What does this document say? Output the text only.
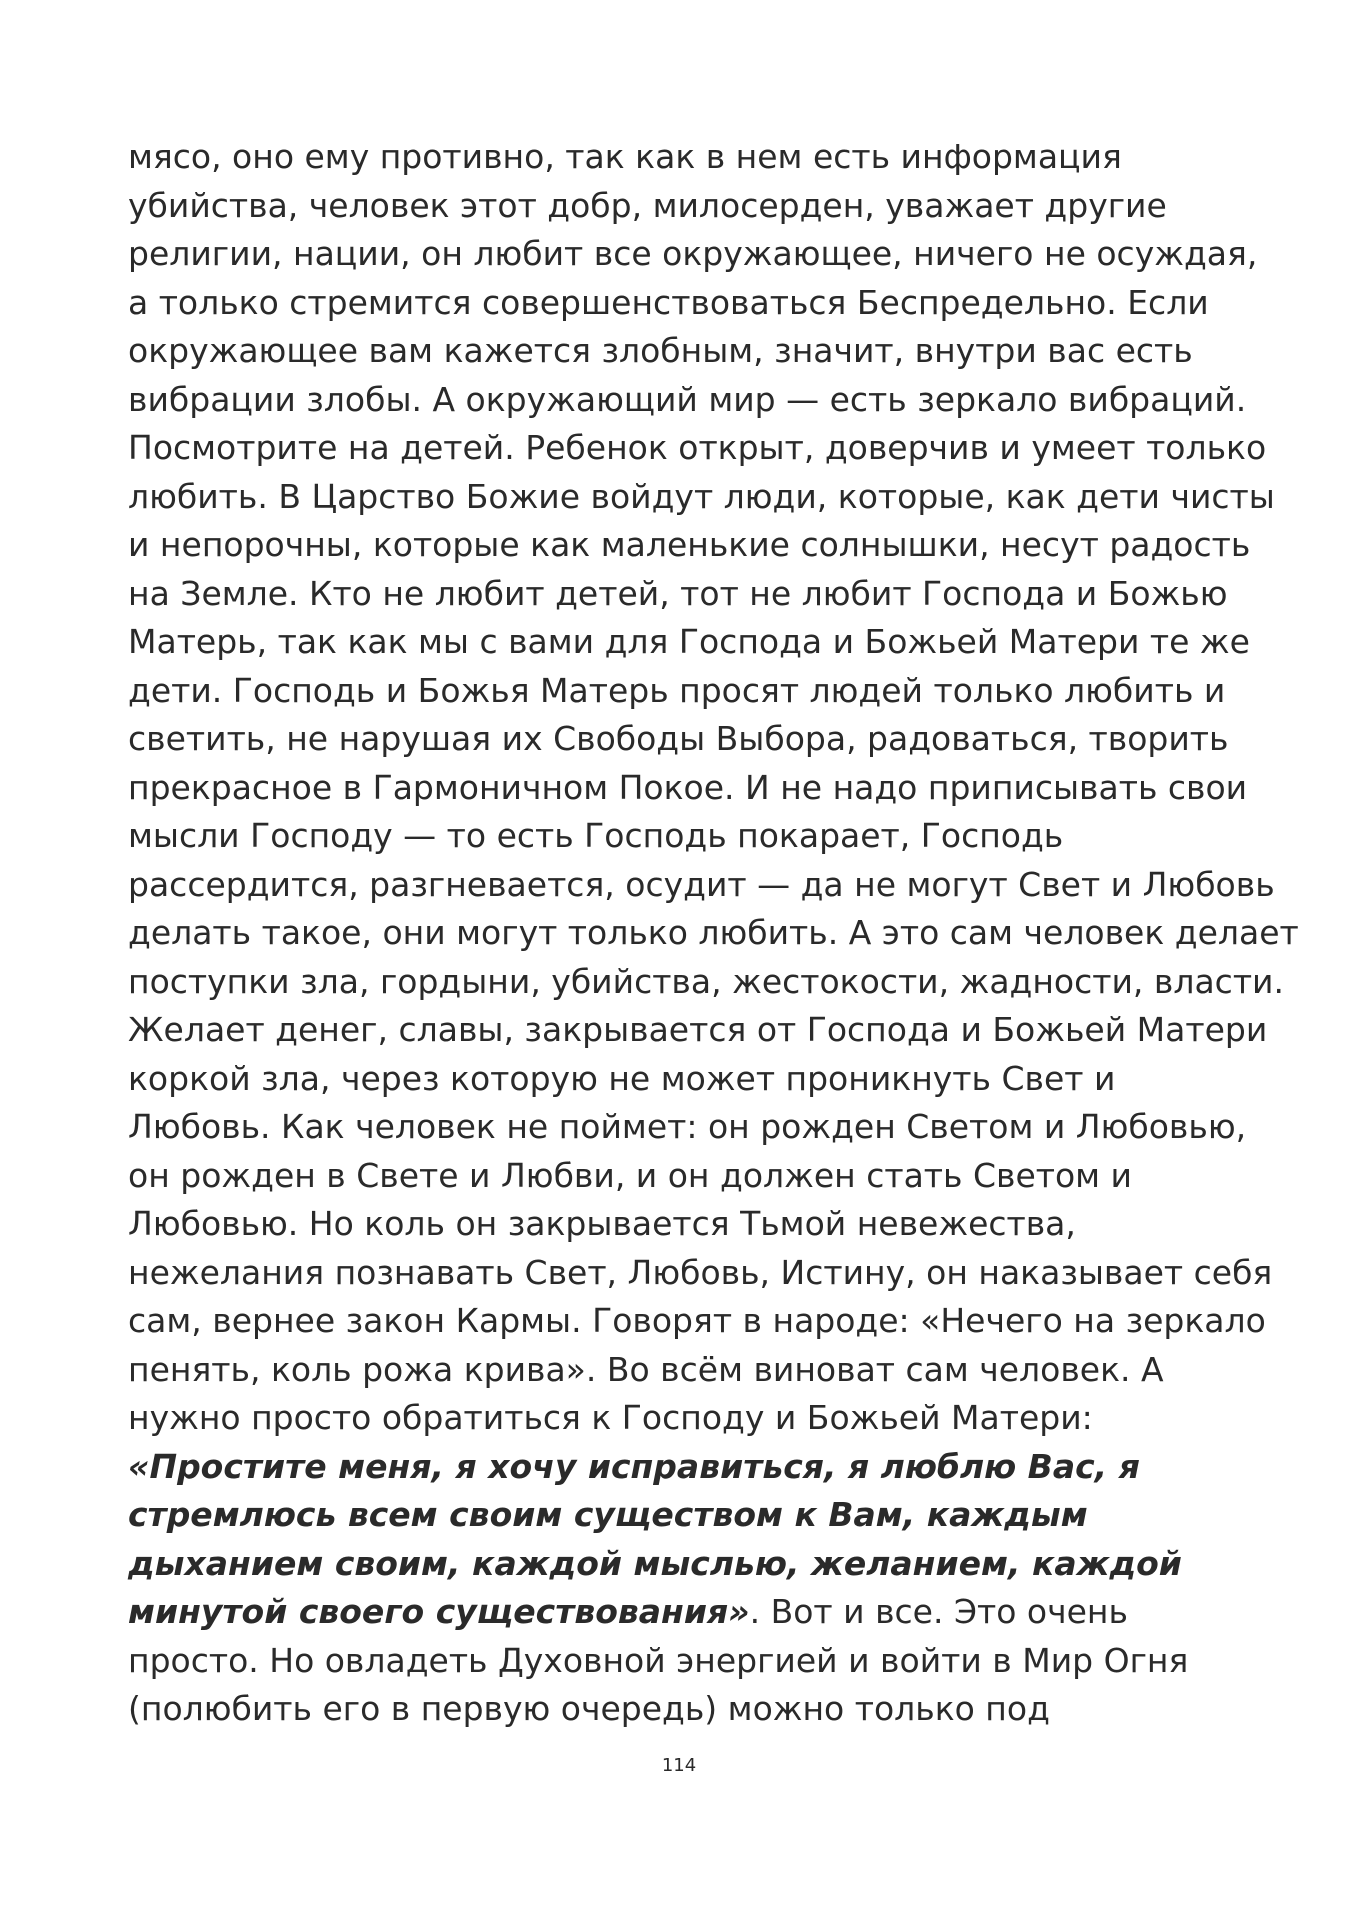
мясо, оно ему противно, так как в нем есть информация
убийства, человек этот добр, милосерден, уважает другие
религии, нации, он любит все окружающее, ничего не осуждая,
а только стремится совершенствоваться Беспредельно. Если
окружающее вам кажется злобным, значит, внутри вас есть
вибрации злобы. А окружающий мир — есть зеркало вибраций.
Посмотрите на детей. Ребенок открыт, доверчив и умеет только
любить. В Царство Божие войдут люди, которые, как дети чисты
и непорочны, которые как маленькие солнышки, несут радость
на Земле. Кто не любит детей, тот не любит Господа и Божью
Матерь, так как мы с вами для Господа и Божьей Матери те же
дети. Господь и Божья Матерь просят людей только любить и
светить, не нарушая их Свободы Выбора, радоваться, творить
прекрасное в Гармоничном Покое. И не надо приписывать свои
мысли Господу — то есть Господь покарает, Господь
рассердится, разгневается, осудит — да не могут Свет и Любовь
делать такое, они могут только любить. А это сам человек делает
поступки зла, гордыни, убийства, жестокости, жадности, власти.
Желает денег, славы, закрывается от Господа и Божьей Матери
коркой зла, через которую не может проникнуть Свет и
Любовь. Как человек не поймет: он рожден Светом и Любовью,
он рожден в Свете и Любви, и он должен стать Светом и
Любовью. Но коль он закрывается Тьмой невежества,
нежелания познавать Свет, Любовь, Истину, он наказывает себя
сам, вернее закон Кармы. Говорят в народе: «Нечего на зеркало
пенять, коль рожа крива». Во всём виноват сам человек. А
нужно просто обратиться к Господу и Божьей Матери:
«Простите меня, я хочу исправиться, я люблю Вас, я
стремлюсь всем своим существом к Вам, каждым
дыханием своим, каждой мыслью, желанием, каждой
минутой своего существования». Вот и все. Это очень
просто. Но овладеть Духовной энергией и войти в Мир Огня
(полюбить его в первую очередь) можно только под
114
